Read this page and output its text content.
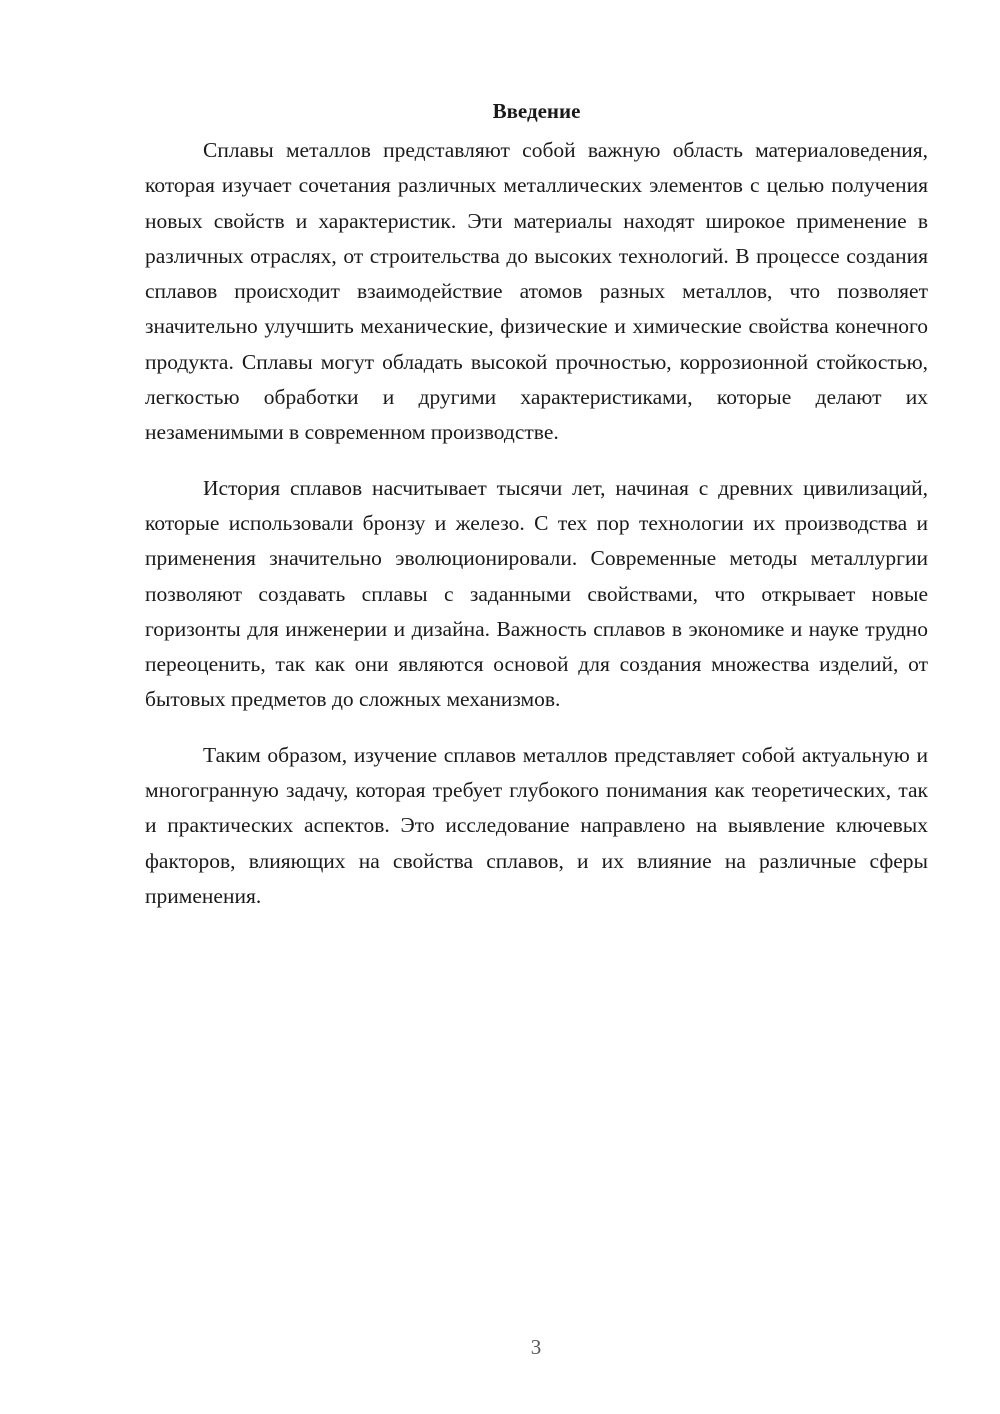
Введение

Сплавы металлов представляют собой важную область материаловедения, которая изучает сочетания различных металлических элементов с целью получения новых свойств и характеристик. Эти материалы находят широкое применение в различных отраслях, от строительства до высоких технологий. В процессе создания сплавов происходит взаимодействие атомов разных металлов, что позволяет значительно улучшить механические, физические и химические свойства конечного продукта. Сплавы могут обладать высокой прочностью, коррозионной стойкостью, легкостью обработки и другими характеристиками, которые делают их незаменимыми в современном производстве.

История сплавов насчитывает тысячи лет, начиная с древних цивилизаций, которые использовали бронзу и железо. С тех пор технологии их производства и применения значительно эволюционировали. Современные методы металлургии позволяют создавать сплавы с заданными свойствами, что открывает новые горизонты для инженерии и дизайна. Важность сплавов в экономике и науке трудно переоценить, так как они являются основой для создания множества изделий, от бытовых предметов до сложных механизмов.

Таким образом, изучение сплавов металлов представляет собой актуальную и многогранную задачу, которая требует глубокого понимания как теоретических, так и практических аспектов. Это исследование направлено на выявление ключевых факторов, влияющих на свойства сплавов, и их влияние на различные сферы применения.

3
